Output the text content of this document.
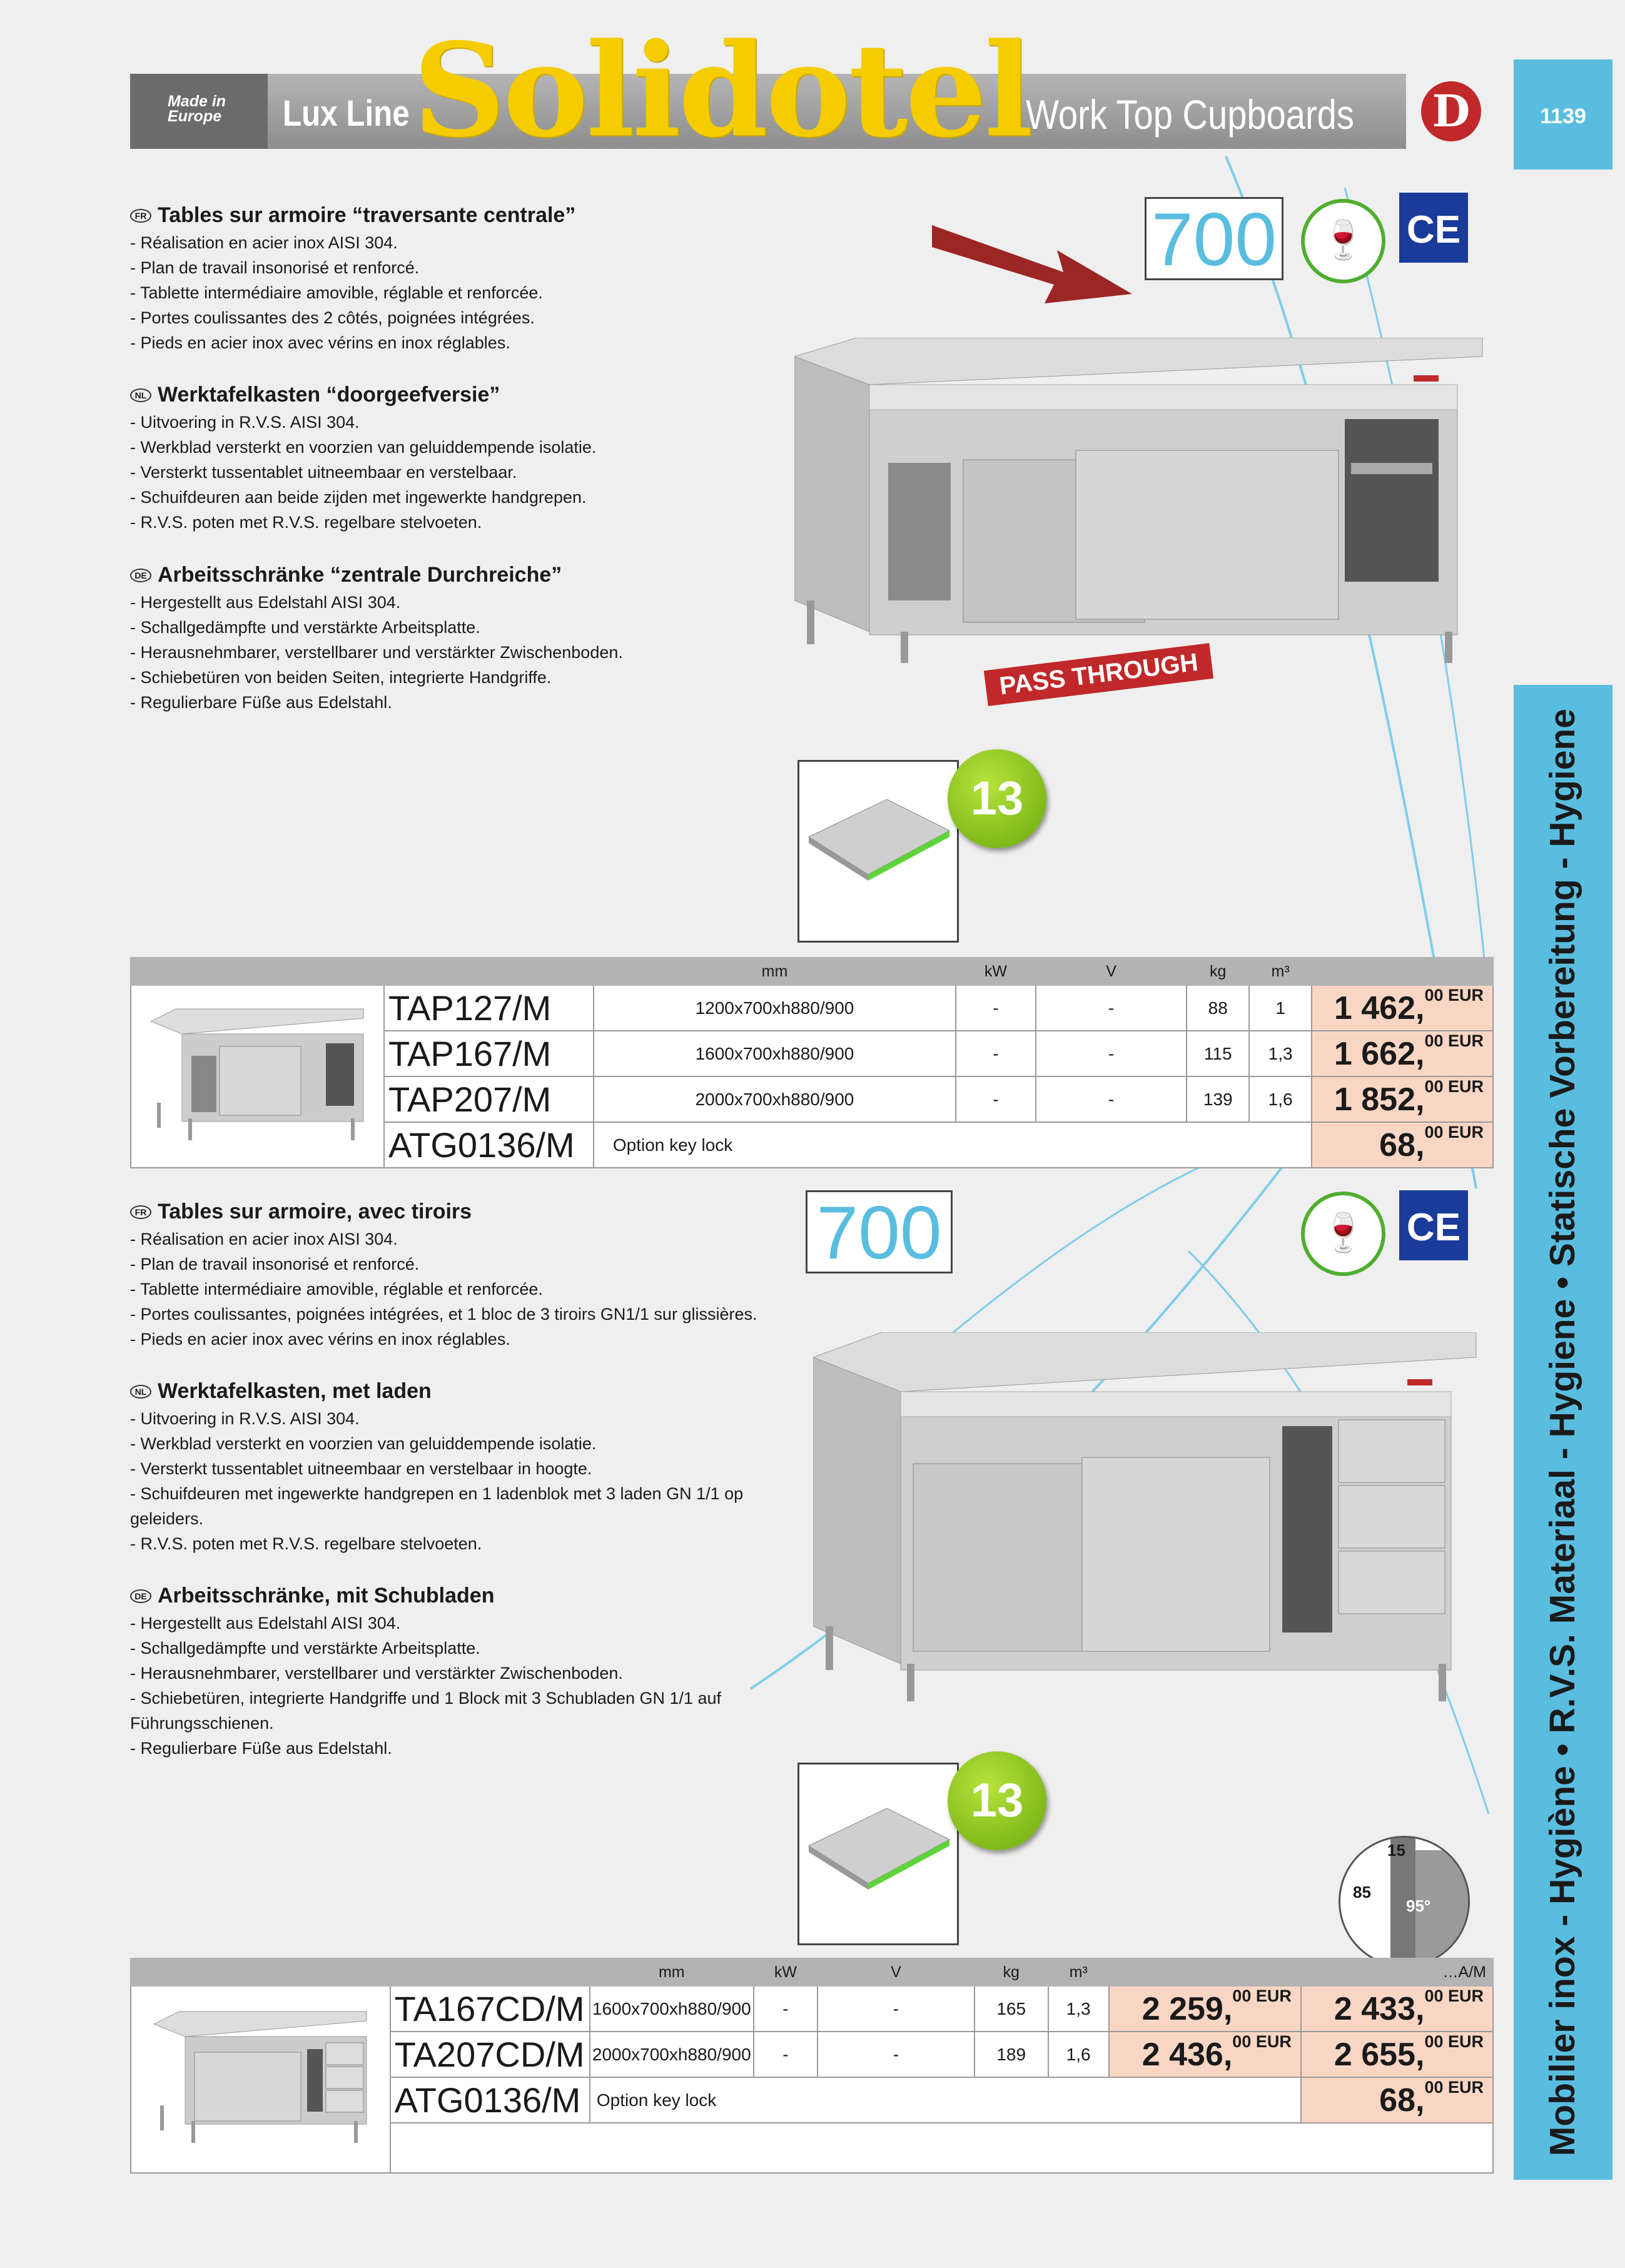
Made in Europe	Lux Line	Work Top Cupboards
Solidotel	D	1139
Mobilier inox - Hygiène • R.V.S. Materiaal - Hygiene • Statische Vorbereitung - Hygiene
FR Tables sur armoire “traversante centrale”
- Réalisation en acier inox AISI 304.
- Plan de travail insonorisé et renforcé.
- Tablette intermédiaire amovible, réglable et renforcée.
- Portes coulissantes des 2 côtés, poignées intégrées.
- Pieds en acier inox avec vérins en inox réglables.
NL Werktafelkasten “doorgeefversie”
- Uitvoering in R.V.S. AISI 304.
- Werkblad versterkt en voorzien van geluiddempende isolatie.
- Versterkt tussentablet uitneembaar en verstelbaar.
- Schuifdeuren aan beide zijden met ingewerkte handgrepen.
- R.V.S. poten met R.V.S. regelbare stelvoeten.
DE Arbeitsschränke “zentrale Durchreiche”
- Hergestellt aus Edelstahl AISI 304.
- Schallgedämpfte und verstärkte Arbeitsplatte.
- Herausnehmbarer, verstellbarer und verstärkter Zwischenboden.
- Schiebetüren von beiden Seiten, integrierte Handgriffe.
- Regulierbare Füße aus Edelstahl.
700	🍷	CE
PASS THROUGH
13
		mm	kW	V	kg	m³	
	TAP127/M	1200x700xh880/900	-	-	88	1	1 462,$^{00 EUR}$
	TAP167/M	1600x700xh880/900	-	-	115	1,3	1 662,$^{00 EUR}$
	TAP207/M	2000x700xh880/900	-	-	139	1,6	1 852,$^{00 EUR}$
	ATG0136/M	Option key lock					68,$^{00 EUR}$
FR Tables sur armoire, avec tiroirs
- Réalisation en acier inox AISI 304.
- Plan de travail insonorisé et renforcé.
- Tablette intermédiaire amovible, réglable et renforcée.
- Portes coulissantes, poignées intégrées, et 1 bloc de 3 tiroirs GN1/1 sur glissières.
- Pieds en acier inox avec vérins en inox réglables.
NL Werktafelkasten, met laden
- Uitvoering in R.V.S. AISI 304.
- Werkblad versterkt en voorzien van geluiddempende isolatie.
- Versterkt tussentablet uitneembaar en verstelbaar in hoogte.
- Schuifdeuren met ingewerkte handgrepen en 1 ladenblok met 3 laden GN 1/1 op
geleiders.
- R.V.S. poten met R.V.S. regelbare stelvoeten.
DE Arbeitsschränke, mit Schubladen
- Hergestellt aus Edelstahl AISI 304.
- Schallgedämpfte und verstärkte Arbeitsplatte.
- Herausnehmbarer, verstellbarer und verstärkter Zwischenboden.
- Schiebetüren, integrierte Handgriffe und 1 Block mit 3 Schubladen GN 1/1 auf
Führungsschienen.
- Regulierbare Füße aus Edelstahl.
700	🍷	CE
13
15
85
95°
		mm	kW	V	kg	m³		…A/M
	TA167CD/M	1600x700xh880/900	-	-	165	1,3	2 259,$^{00 EUR}$	2 433,$^{00 EUR}$
	TA207CD/M	2000x700xh880/900	-	-	189	1,6	2 436,$^{00 EUR}$	2 655,$^{00 EUR}$
	ATG0136/M	Option key lock						68,$^{00 EUR}$
